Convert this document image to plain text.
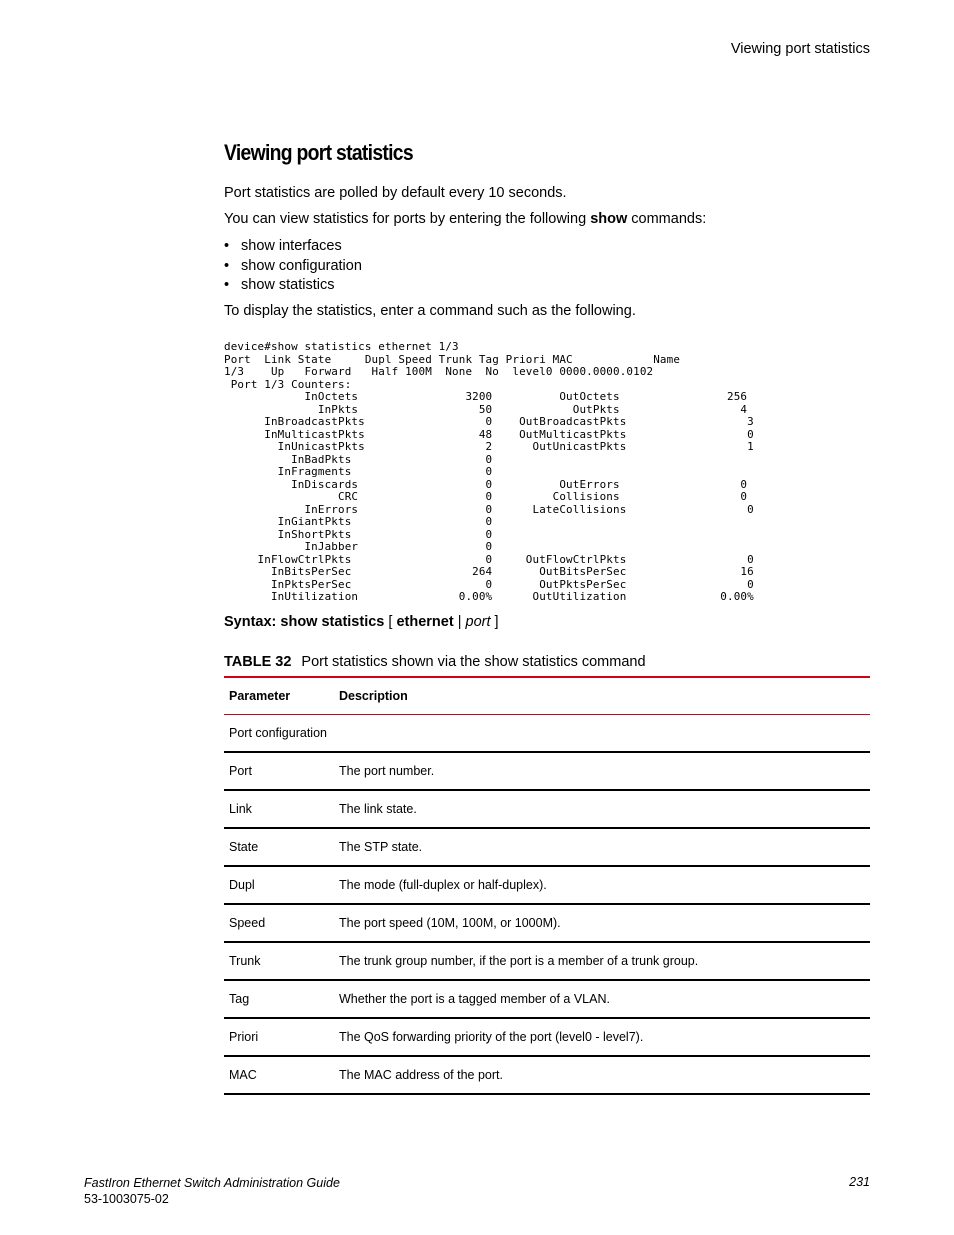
Viewing port statistics
Viewing port statistics

Port statistics are polled by default every 10 seconds.

You can view statistics for ports by entering the following show commands:

• show interfaces
• show configuration
• show statistics

To display the statistics, enter a command such as the following.

device#show statistics ethernet 1/3
Port  Link State     Dupl Speed Trunk Tag Priori MAC            Name
1/3    Up   Forward   Half 100M  None  No  level0 0000.0000.0102
Port 1/3 Counters:
InOctets                3200          OutOctets                256
InPkts                  50            OutPkts                  4
InBroadcastPkts                  0    OutBroadcastPkts                  3
InMulticastPkts                 48    OutMulticastPkts                  0
InUnicastPkts                  2      OutUnicastPkts                  1
InBadPkts                    0
InFragments                    0
InDiscards                   0          OutErrors                  0
CRC                   0         Collisions                  0
InErrors                   0      LateCollisions                  0
InGiantPkts                    0
InShortPkts                    0
InJabber                   0
InFlowCtrlPkts                    0     OutFlowCtrlPkts                  0
InBitsPerSec                  264       OutBitsPerSec                 16
InPktsPerSec                    0       OutPktsPerSec                  0
InUtilization               0.00%      OutUtilization              0.00%
Syntax: show statistics [ ethernet | port ]
TABLE 32 Port statistics shown via the show statistics command
Parameter	Description
Port configuration	
Port	The port number.
Link	The link state.
State	The STP state.
Dupl	The mode (full-duplex or half-duplex).
Speed	The port speed (10M, 100M, or 1000M).
Trunk	The trunk group number, if the port is a member of a trunk group.
Tag	Whether the port is a tagged member of a VLAN.
Priori	The QoS forwarding priority of the port (level0 - level7).
MAC	The MAC address of the port.
FastIron Ethernet Switch Administration Guide
53-1003075-02
231
